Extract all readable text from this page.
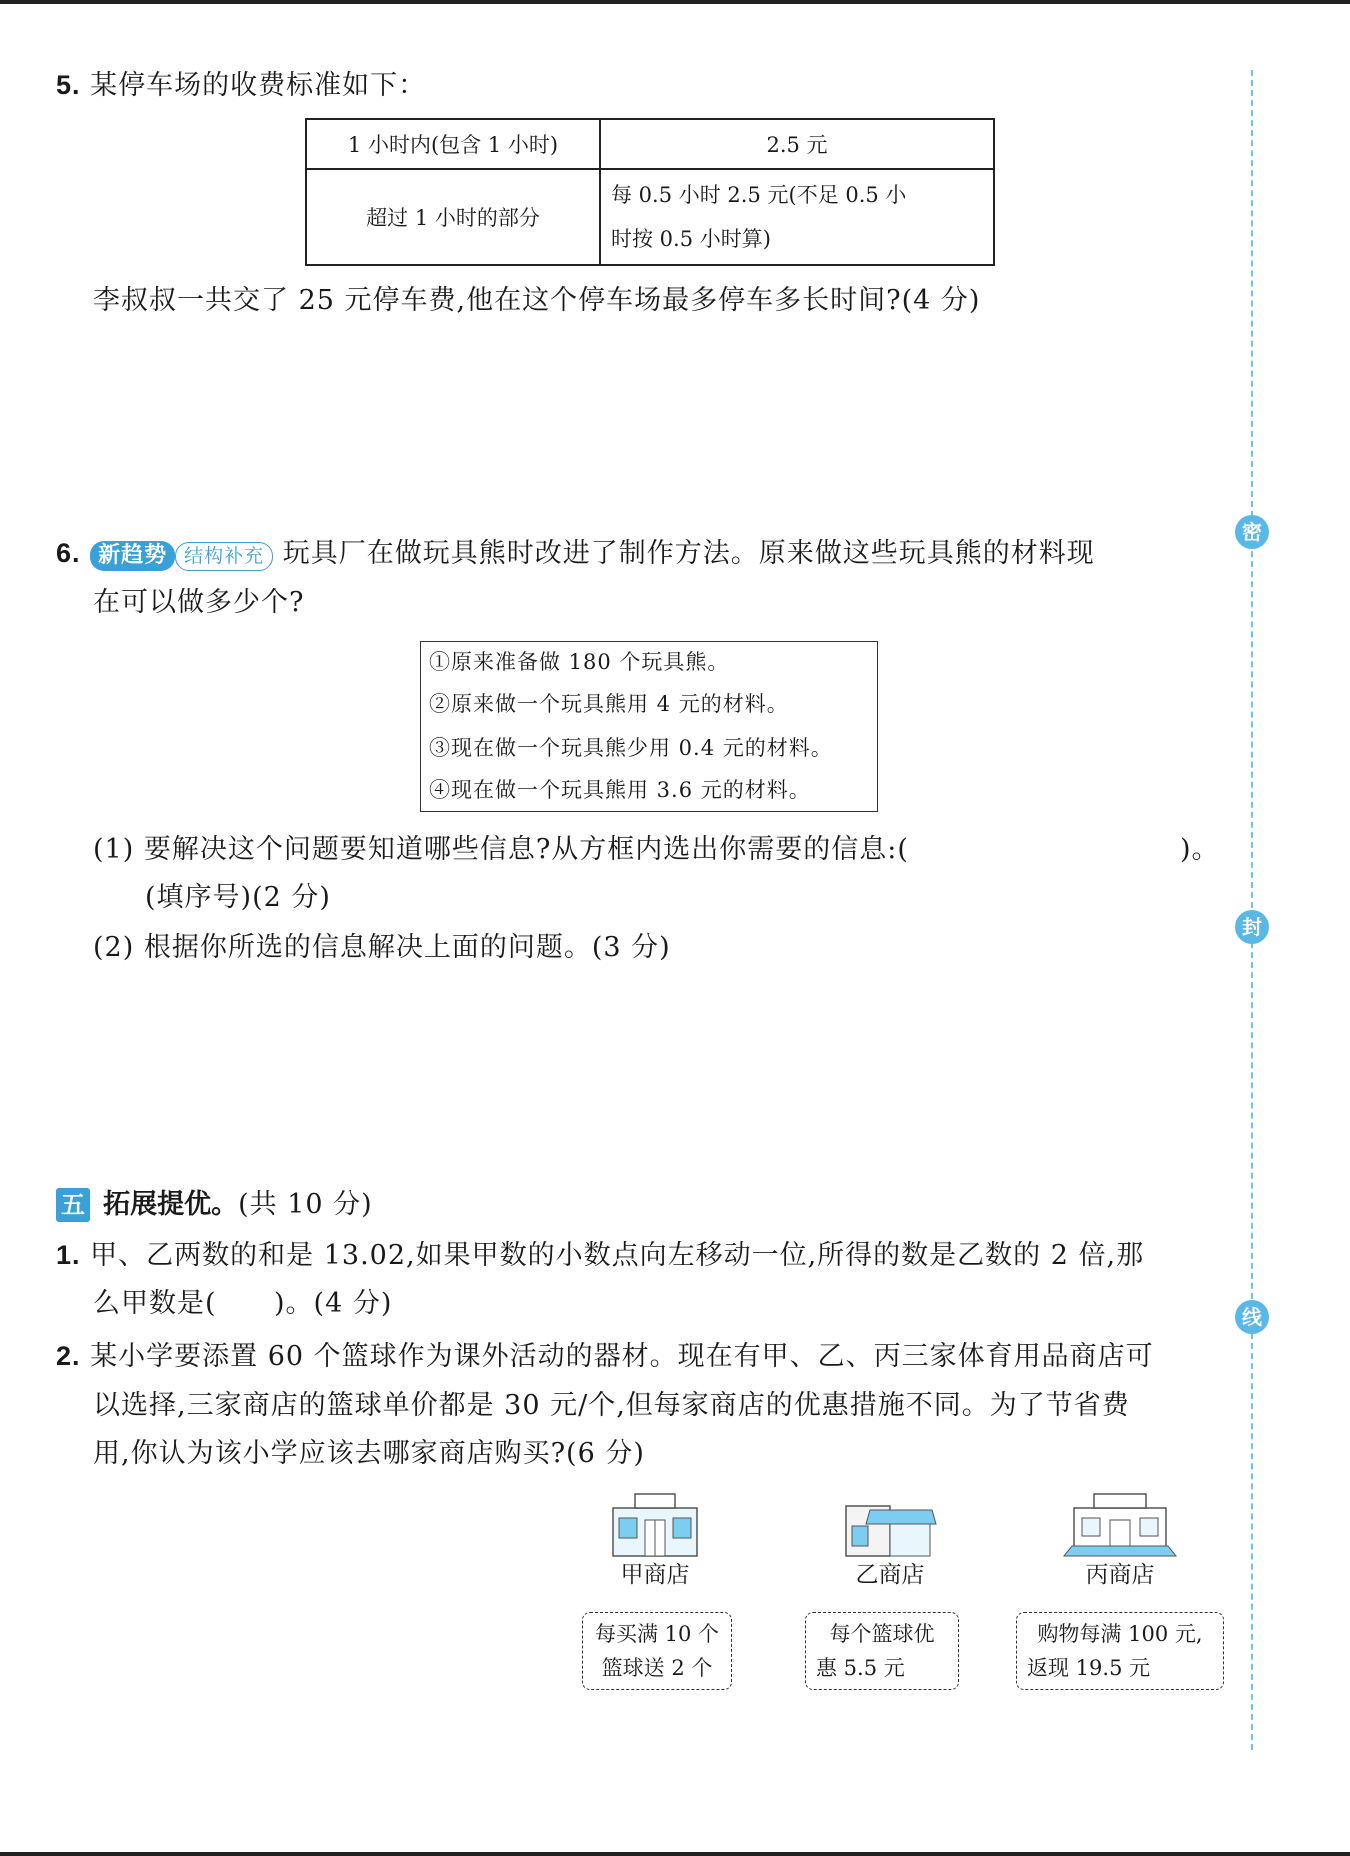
密
封
线
5. 某停车场的收费标准如下：
1 小时内(包含 1 小时)	2.5 元
超过 1 小时的部分	每 0.5 小时 2.5 元(不足 0.5 小
时按 0.5 小时算)
李叔叔一共交了 25 元停车费,他在这个停车场最多停车多长时间?(4 分)
6. 新趋势 结构补充 玩具厂在做玩具熊时改进了制作方法。原来做这些玩具熊的材料现
在可以做多少个?
①原来准备做 180 个玩具熊。
②原来做一个玩具熊用 4 元的材料。
③现在做一个玩具熊少用 0.4 元的材料。
④现在做一个玩具熊用 3.6 元的材料。
(1) 要解决这个问题要知道哪些信息?从方框内选出你需要的信息:(	)。
(填序号)(2 分)
(2) 根据你所选的信息解决上面的问题。(3 分)
五 拓展提优。(共 10 分)
1. 甲、乙两数的和是 13.02,如果甲数的小数点向左移动一位,所得的数是乙数的 2 倍,那
么甲数是(      )。(4 分)
2. 某小学要添置 60 个篮球作为课外活动的器材。现在有甲、乙、丙三家体育用品商店可
以选择,三家商店的篮球单价都是 30 元/个,但每家商店的优惠措施不同。为了节省费
用,你认为该小学应该去哪家商店购买?(6 分)
甲商店	乙商店	丙商店
每买满 10 个
篮球送 2 个
每个篮球优
惠 5.5 元
购物每满 100 元,
返现 19.5 元
